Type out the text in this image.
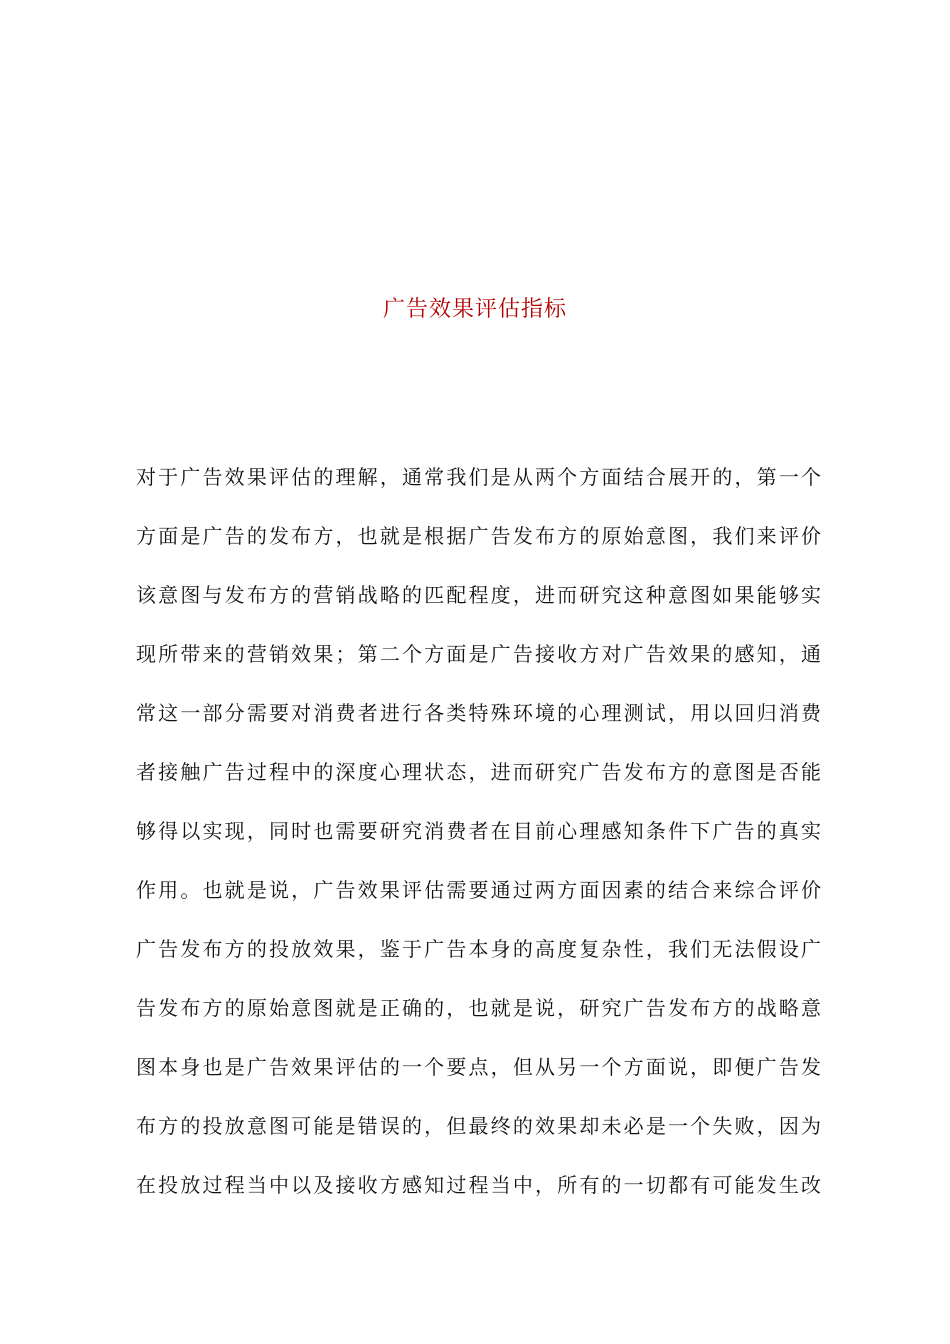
广告效果评估指标
对于广告效果评估的理解，通常我们是从两个方面结合展开的，第一个
方面是广告的发布方，也就是根据广告发布方的原始意图，我们来评价
该意图与发布方的营销战略的匹配程度，进而研究这种意图如果能够实
现所带来的营销效果；第二个方面是广告接收方对广告效果的感知，通
常这一部分需要对消费者进行各类特殊环境的心理测试，用以回归消费
者接触广告过程中的深度心理状态，进而研究广告发布方的意图是否能
够得以实现，同时也需要研究消费者在目前心理感知条件下广告的真实
作用。也就是说，广告效果评估需要通过两方面因素的结合来综合评价
广告发布方的投放效果，鉴于广告本身的高度复杂性，我们无法假设广
告发布方的原始意图就是正确的，也就是说，研究广告发布方的战略意
图本身也是广告效果评估的一个要点，但从另一个方面说，即便广告发
布方的投放意图可能是错误的，但最终的效果却未必是一个失败，因为
在投放过程当中以及接收方感知过程当中，所有的一切都有可能发生改
